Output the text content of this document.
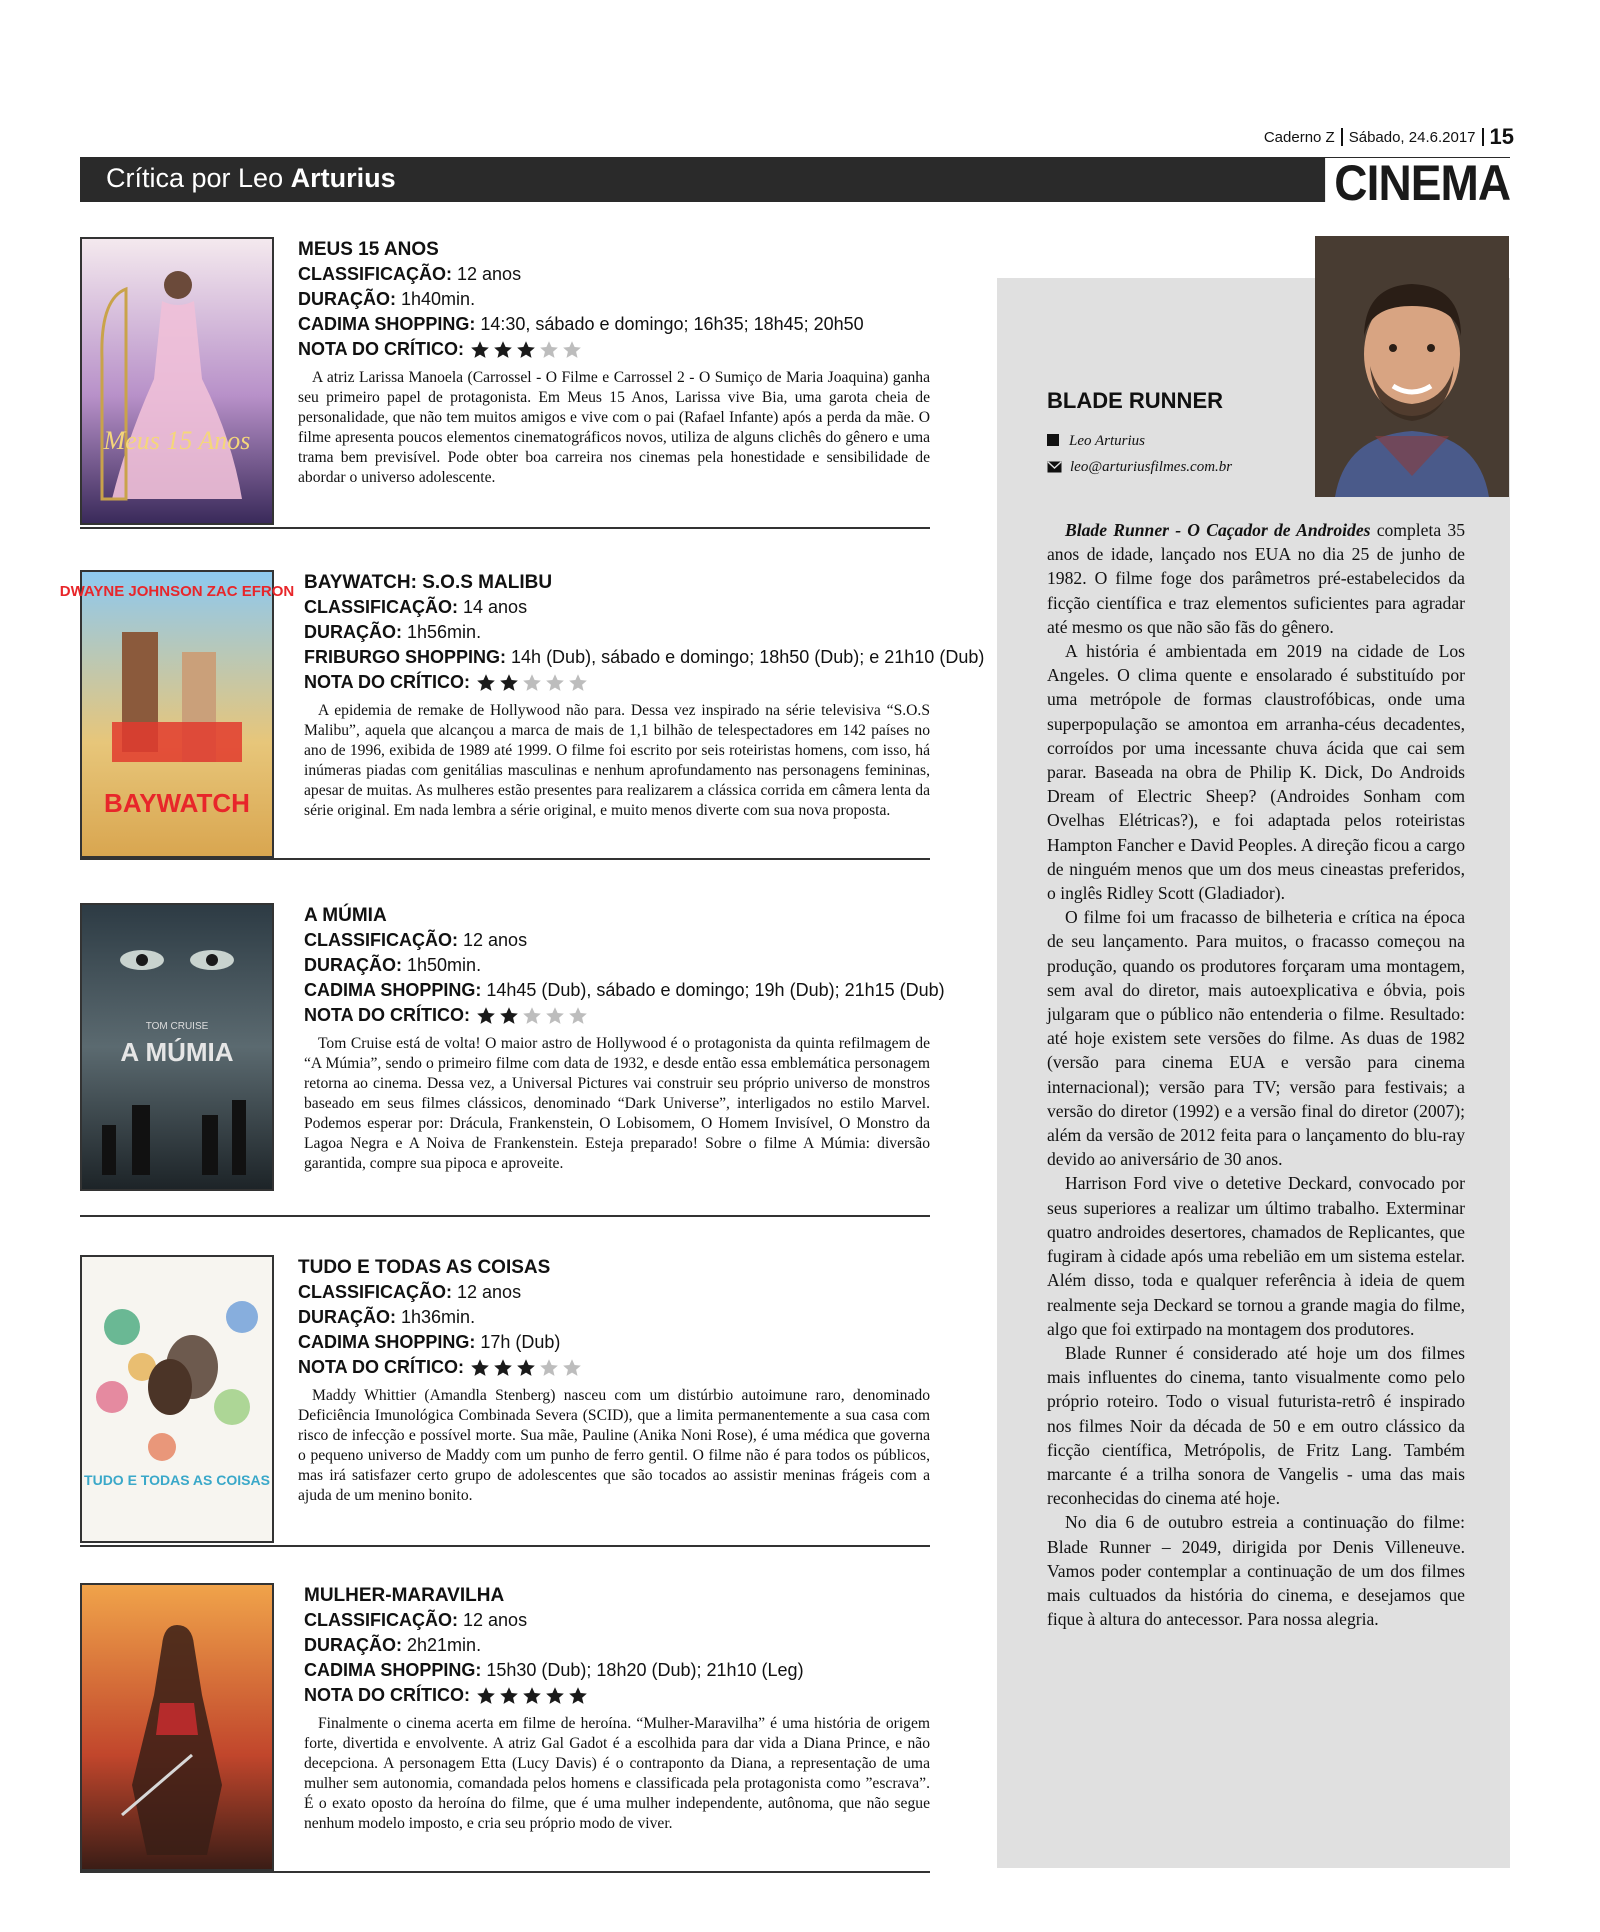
Caderno Z Sábado, 24.6.2017 15
Crítica por Leo Arturius	CINEMA
Meus 15 Anos

MEUS 15 ANOS

CLASSIFICAÇÃO: 12 anos
DURAÇÃO: 1h40min.
CADIMA SHOPPING: 14:30, sábado e domingo; 16h35; 18h45; 20h50
NOTA DO CRÍTICO:
A atriz Larissa Manoela (Carrossel - O Filme e Carrossel 2 - O Sumiço de Maria Joaquina) ganha seu primeiro papel de protagonista. Em Meus 15 Anos, Larissa vive Bia, uma garota cheia de personalidade, que não tem muitos amigos e vive com o pai (Rafael Infante) após a perda da mãe. O filme apresenta poucos elementos cinematográficos novos, utiliza de alguns clichês do gênero e uma trama bem previsível. Pode obter boa carreira nos cinemas pela honestidade e sensibilidade de abordar o universo adolescente.
DWAYNE JOHNSON ZAC EFRON
BAYWATCH

BAYWATCH: S.O.S MALIBU

CLASSIFICAÇÃO: 14 anos
DURAÇÃO: 1h56min.
FRIBURGO SHOPPING: 14h (Dub), sábado e domingo; 18h50 (Dub); e 21h10 (Dub)
NOTA DO CRÍTICO:
A epidemia de remake de Hollywood não para. Dessa vez inspirado na série televisiva “S.O.S Malibu”, aquela que alcançou a marca de mais de 1,1 bilhão de telespectadores em 142 países no ano de 1996, exibida de 1989 até 1999. O filme foi escrito por seis roteiristas homens, com isso, há inúmeras piadas com genitálias masculinas e nenhum aprofundamento nas personagens femininas, apesar de muitas. As mulheres estão presentes para realizarem a clássica corrida em câmera lenta da série original. Em nada lembra a série original, e muito menos diverte com sua nova proposta.
TOM CRUISE
A MÚMIA

A MÚMIA

CLASSIFICAÇÃO: 12 anos
DURAÇÃO: 1h50min.
CADIMA SHOPPING: 14h45 (Dub), sábado e domingo; 19h (Dub); 21h15 (Dub)
NOTA DO CRÍTICO:
Tom Cruise está de volta! O maior astro de Hollywood é o protagonista da quinta refilmagem de “A Múmia”, sendo o primeiro filme com data de 1932, e desde então essa emblemática personagem retorna ao cinema. Dessa vez, a Universal Pictures vai construir seu próprio universo de monstros baseado em seus filmes clássicos, denominado “Dark Universe”, interligados no estilo Marvel. Podemos esperar por: Drácula, Frankenstein, O Lobisomem, O Homem Invisível, O Monstro da Lagoa Negra e A Noiva de Frankenstein. Esteja preparado! Sobre o filme A Múmia: diversão garantida, compre sua pipoca e aproveite.
TUDO E TODAS AS COISAS

TUDO E TODAS AS COISAS

CLASSIFICAÇÃO: 12 anos
DURAÇÃO: 1h36min.
CADIMA SHOPPING: 17h (Dub)
NOTA DO CRÍTICO:
Maddy Whittier (Amandla Stenberg) nasceu com um distúrbio autoimune raro, denominado Deficiência Imunológica Combinada Severa (SCID), que a limita permanentemente a sua casa com risco de infecção e possível morte. Sua mãe, Pauline (Anika Noni Rose), é uma médica que governa o pequeno universo de Maddy com um punho de ferro gentil. O filme não é para todos os públicos, mas irá satisfazer certo grupo de adolescentes que são tocados ao assistir meninas frágeis com a ajuda de um menino bonito.

MULHER-MARAVILHA

CLASSIFICAÇÃO: 12 anos
DURAÇÃO: 2h21min.
CADIMA SHOPPING: 15h30 (Dub); 18h20 (Dub); 21h10 (Leg)
NOTA DO CRÍTICO:
Finalmente o cinema acerta em filme de heroína. “Mulher-Maravilha” é uma história de origem forte, divertida e envolvente. A atriz Gal Gadot é a escolhida para dar vida a Diana Prince, e não decepciona. A personagem Etta (Lucy Davis) é o contraponto da Diana, a representação de uma mulher sem autonomia, comandada pelos homens e classificada pela protagonista como ”escrava”. É o exato oposto da heroína do filme, que é uma mulher independente, autônoma, que não segue nenhum modelo imposto, e cria seu próprio modo de viver.
BLADE RUNNER
Leo Arturius
leo@arturiusfilmes.com.br

Blade Runner - O Caçador de Androides completa 35 anos de idade, lançado nos EUA no dia 25 de junho de 1982. O filme foge dos parâmetros pré-estabelecidos da ficção científica e traz elementos suficientes para agradar até mesmo os que não são fãs do gênero.

A história é ambientada em 2019 na cidade de Los Angeles. O clima quente e ensolarado é substituído por uma metrópole de formas claustrofóbicas, onde uma superpopulação se amontoa em arranha-céus decadentes, corroídos por uma incessante chuva ácida que cai sem parar. Baseada na obra de Philip K. Dick, Do Androids Dream of Electric Sheep? (Androides Sonham com Ovelhas Elétricas?), e foi adaptada pelos roteiristas Hampton Fancher e David Peoples. A direção ficou a cargo de ninguém menos que um dos meus cineastas preferidos, o inglês Ridley Scott (Gladiador).

O filme foi um fracasso de bilheteria e crítica na época de seu lançamento. Para muitos, o fracasso começou na produção, quando os produtores forçaram uma montagem, sem aval do diretor, mais autoexplicativa e óbvia, pois julgaram que o público não entenderia o filme. Resultado: até hoje existem sete versões do filme. As duas de 1982 (versão para cinema EUA e versão para cinema internacional); versão para TV; versão para festivais; a versão do diretor (1992) e a versão final do diretor (2007); além da versão de 2012 feita para o lançamento do blu-ray devido ao aniversário de 30 anos.

Harrison Ford vive o detetive Deckard, convocado por seus superiores a realizar um último trabalho. Exterminar quatro androides desertores, chamados de Replicantes, que fugiram à cidade após uma rebelião em um sistema estelar. Além disso, toda e qualquer referência à ideia de quem realmente seja Deckard se tornou a grande magia do filme, algo que foi extirpado na montagem dos produtores.

Blade Runner é considerado até hoje um dos filmes mais influentes do cinema, tanto visualmente como pelo próprio roteiro. Todo o visual futurista-retrô é inspirado nos filmes Noir da década de 50 e em outro clássico da ficção científica, Metrópolis, de Fritz Lang. Também marcante é a trilha sonora de Vangelis - uma das mais reconhecidas do cinema até hoje.

No dia 6 de outubro estreia a continuação do filme: Blade Runner – 2049, dirigida por Denis Villeneuve. Vamos poder contemplar a continuação de um dos filmes mais cultuados da história do cinema, e desejamos que fique à altura do antecessor. Para nossa alegria.
